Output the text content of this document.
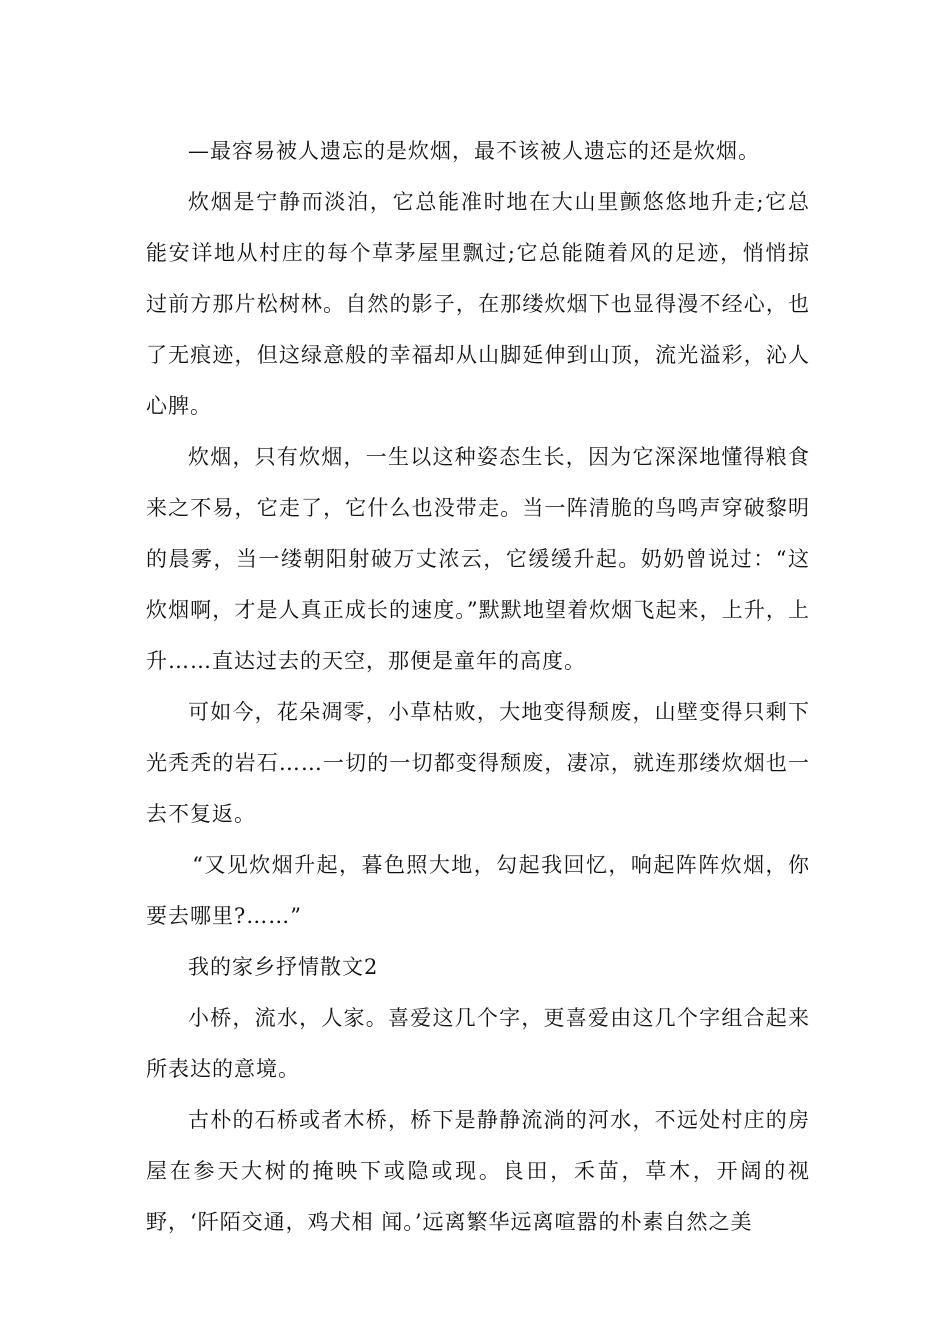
—最容易被人遗忘的是炊烟，最不该被人遗忘的还是炊烟。

炊烟是宁静而淡泊，它总能准时地在大山里颤悠悠地升走;它总能安详地从村庄的每个草茅屋里飘过;它总能随着风的足迹，悄悄掠过前方那片松树林。自然的影子，在那缕炊烟下也显得漫不经心，也了无痕迹，但这绿意般的幸福却从山脚延伸到山顶，流光溢彩，沁人心脾。

炊烟，只有炊烟，一生以这种姿态生长，因为它深深地懂得粮食来之不易，它走了，它什么也没带走。当一阵清脆的鸟鸣声穿破黎明的晨雾，当一缕朝阳射破万丈浓云，它缓缓升起。奶奶曾说过：“这炊烟啊，才是人真正成长的速度。”默默地望着炊烟飞起来，上升，上升……直达过去的天空，那便是童年的高度。

可如今，花朵凋零，小草枯败，大地变得颓废，山壁变得只剩下光秃秃的岩石……一切的一切都变得颓废，凄凉，就连那缕炊烟也一去不复返。

“又见炊烟升起，暮色照大地，勾起我回忆，响起阵阵炊烟，你要去哪里?……”

我的家乡抒情散文2

小桥，流水，人家。喜爱这几个字，更喜爱由这几个字组合起来所表达的意境。

古朴的石桥或者木桥，桥下是静静流淌的河水，不远处村庄的房屋在参天大树的掩映下或隐或现。良田，禾苗，草木，开阔的视野，‘阡陌交通，鸡犬相 闻。’远离繁华远离喧嚣的朴素自然之美
